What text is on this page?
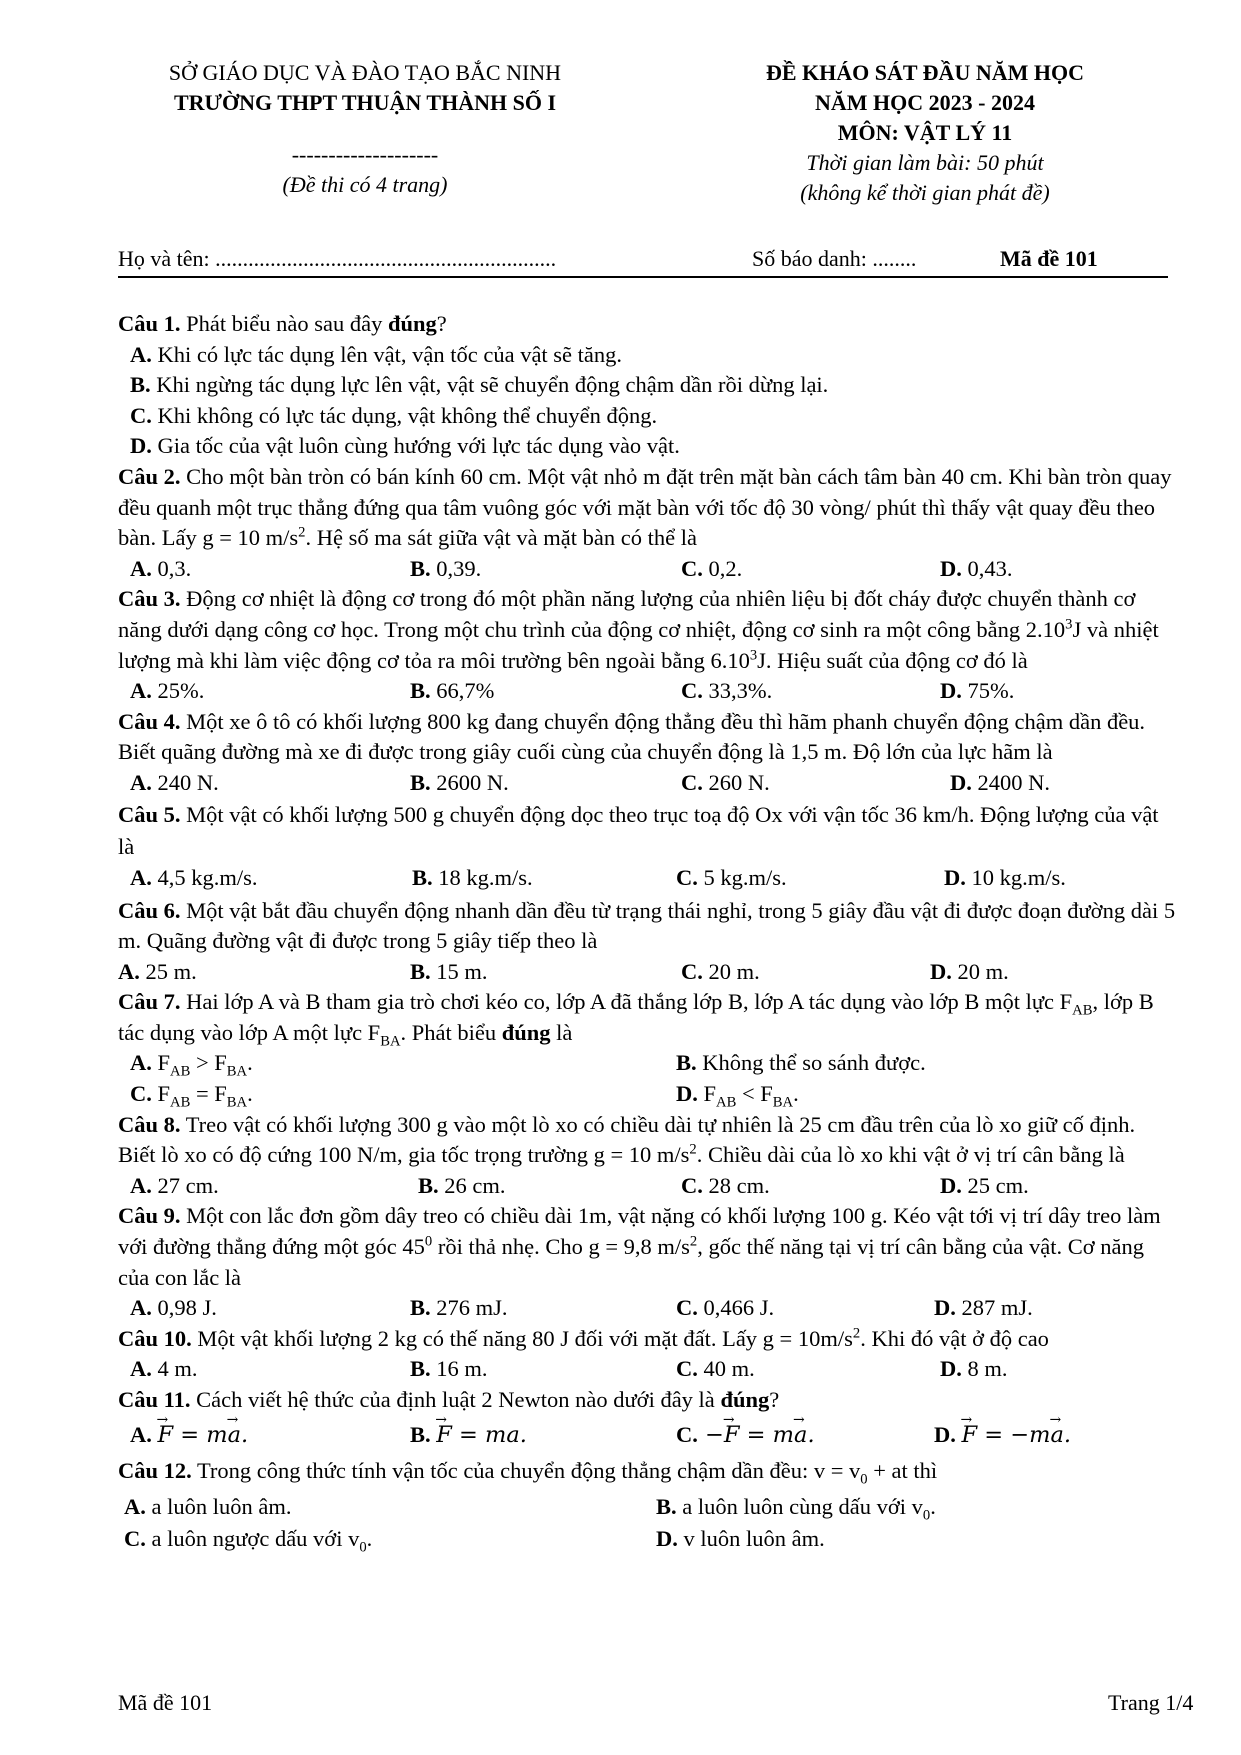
SỞ GIÁO DỤC VÀ ĐÀO TẠO BẮC NINH
TRƯỜNG THPT THUẬN THÀNH SỐ I
--------------------
(Đề thi có 4 trang)
ĐỀ KHÁO SÁT ĐẦU NĂM HỌC
NĂM HỌC 2023 - 2024
MÔN: VẬT LÝ 11
Thời gian làm bài: 50 phút
(không kể thời gian phát đề)
Họ và tên: ..............................................................	Số báo danh: ........	Mã đề 101

Câu 1. Phát biểu nào sau đây đúng?

A. Khi có lực tác dụng lên vật, vận tốc của vật sẽ tăng.
B. Khi ngừng tác dụng lực lên vật, vật sẽ chuyển động chậm dần rồi dừng lại.
C. Khi không có lực tác dụng, vật không thể chuyển động.
D. Gia tốc của vật luôn cùng hướng với lực tác dụng vào vật.

Câu 2. Cho một bàn tròn có bán kính 60 cm. Một vật nhỏ m đặt trên mặt bàn cách tâm bàn 40 cm. Khi bàn tròn quay đều quanh một trục thẳng đứng qua tâm vuông góc với mặt bàn với tốc độ 30 vòng/ phút thì thấy vật quay đều theo bàn. Lấy g = 10 $m/s^2$. Hệ số ma sát giữa vật và mặt bàn có thể là

A. 0,3.	B. 0,39.	C. 0,2.	D. 0,43.

Câu 3. Động cơ nhiệt là động cơ trong đó một phần năng lượng của nhiên liệu bị đốt cháy được chuyển thành cơ năng dưới dạng công cơ học. Trong một chu trình của động cơ nhiệt, động cơ sinh ra một công bằng 2.10$^3$J và nhiệt lượng mà khi làm việc động cơ tỏa ra môi trường bên ngoài bằng 6.10$^3$J. Hiệu suất của động cơ đó là

A. 25%.	B. 66,7%	C. 33,3%.	D. 75%.

Câu 4. Một xe ô tô có khối lượng 800 kg đang chuyển động thẳng đều thì hãm phanh chuyển động chậm dần đều. Biết quãng đường mà xe đi được trong giây cuối cùng của chuyển động là 1,5 m. Độ lớn của lực hãm là

A. 240 N.	B. 2600 N.	C. 260 N.	D. 2400 N.

Câu 5. Một vật có khối lượng 500 g chuyển động dọc theo trục toạ độ Ox với vận tốc 36 km/h. Động lượng của vật là

A. 4,5 kg.m/s.	B. 18 kg.m/s.	C. 5 kg.m/s.	D. 10 kg.m/s.

Câu 6. Một vật bắt đầu chuyển động nhanh dần đều từ trạng thái nghỉ, trong 5 giây đầu vật đi được đoạn đường dài 5 m. Quãng đường vật đi được trong 5 giây tiếp theo là

A. 25 m.	B. 15 m.	C. 20 m.	D. 20 m.

Câu 7. Hai lớp A và B tham gia trò chơi kéo co, lớp A đã thắng lớp B, lớp A tác dụng vào lớp B một lực $F_{AB}$, lớp B tác dụng vào lớp A một lực $F_{BA}$. Phát biểu đúng là

A. $F_{AB} > F_{BA}$.	B. Không thể so sánh được.
C. $F_{AB} = F_{BA}$.	D. $F_{AB} < F_{BA}$.

Câu 8. Treo vật có khối lượng 300 g vào một lò xo có chiều dài tự nhiên là 25 cm đầu trên của lò xo giữ cố định. Biết lò xo có độ cứng 100 N/m, gia tốc trọng trường g = 10 $m/s^2$. Chiều dài của lò xo khi vật ở vị trí cân bằng là

A. 27 cm.	B. 26 cm.	C. 28 cm.	D. 25 cm.

Câu 9. Một con lắc đơn gồm dây treo có chiều dài 1m, vật nặng có khối lượng 100 g. Kéo vật tới vị trí dây treo làm với đường thẳng đứng một góc $45^0$ rồi thả nhẹ. Cho g = 9,8 $m/s^2$, gốc thế năng tại vị trí cân bằng của vật. Cơ năng của con lắc là

A. 0,98 J.	B. 276 mJ.	C. 0,466 J.	D. 287 mJ.

Câu 10. Một vật khối lượng 2 kg có thế năng 80 J đối với mặt đất. Lấy $g = 10m/s^2$. Khi đó vật ở độ cao

A. 4 m.	B. 16 m.	C. 40 m.	D. 8 m.

Câu 11. Cách viết hệ thức của định luật 2 Newton nào dưới đây là đúng?

A. → F = m→ a.	B. → F = ma.	C. −→ F = m→ a.	D. → F = −m→ a.

Câu 12. Trong công thức tính vận tốc của chuyển động thẳng chậm dần đều: $v = v_0$ + at thì

A. a luôn luôn âm.	B. a luôn luôn cùng dấu với $v_0$.
C. a luôn ngược dấu với $v_0$.	D. v luôn luôn âm.
Mã đề 101	Trang 1/4
